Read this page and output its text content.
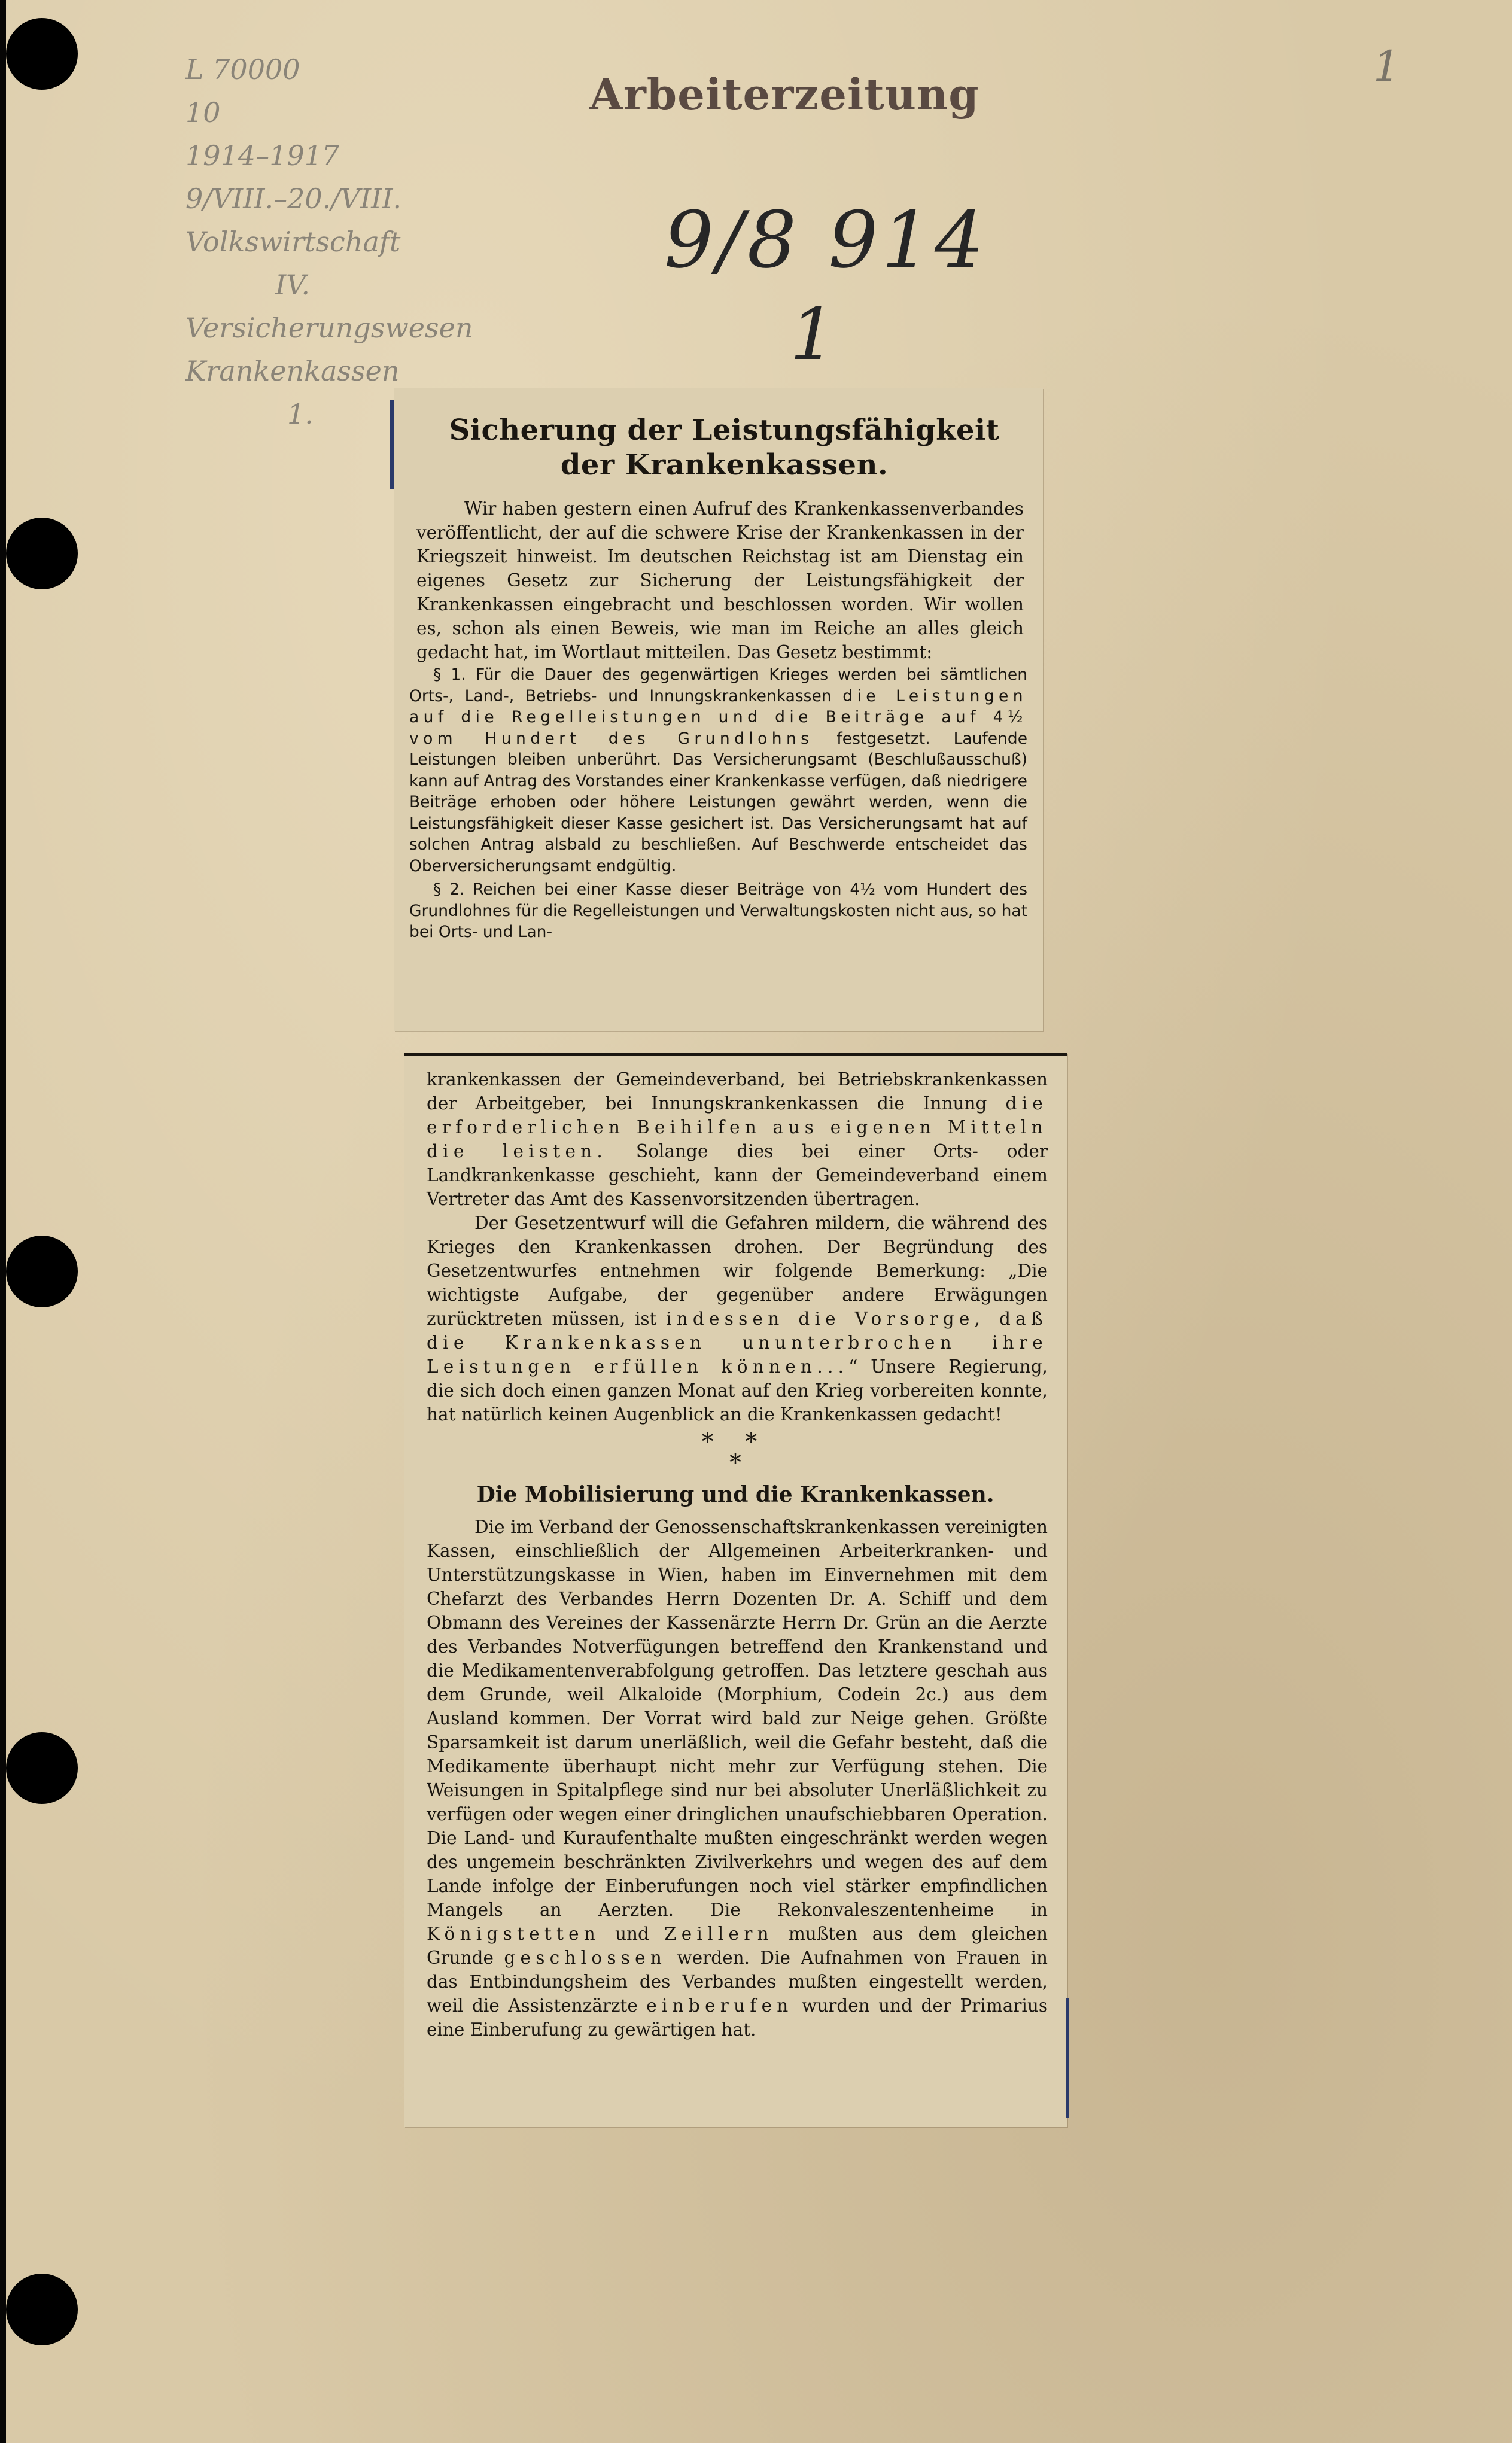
Arbeiterzeitung
L 70000
10
1914–1917
9/VIII.–20./VIII.
Volkswirtschaft
IV.
Versicherungswesen
Krankenkassen
1.
9/8 914
1
1
Sicherung der Leistungsfähigkeit der Krankenkassen.

Wir haben gestern einen Aufruf des Krankenkassenverbandes veröffentlicht, der auf die schwere Krise der Krankenkassen in der Kriegszeit hinweist. Im deutschen Reichstag ist am Dienstag ein eigenes Gesetz zur Sicherung der Leistungsfähigkeit der Krankenkassen eingebracht und beschlossen worden. Wir wollen es, schon als einen Beweis, wie man im Reiche an alles gleich gedacht hat, im Wortlaut mitteilen. Das Gesetz bestimmt:

§ 1. Für die Dauer des gegenwärtigen Krieges werden bei sämtlichen Orts-, Land-, Betriebs- und Innungskrankenkassen die Leistungen auf die Regelleistungen und die Beiträge auf 4½ vom Hundert des Grundlohns festgesetzt. Laufende Leistungen bleiben unberührt. Das Versicherungsamt (Beschlußausschuß) kann auf Antrag des Vorstandes einer Krankenkasse verfügen, daß niedrigere Beiträge erhoben oder höhere Leistungen gewährt werden, wenn die Leistungsfähigkeit dieser Kasse gesichert ist. Das Versicherungsamt hat auf solchen Antrag alsbald zu beschließen. Auf Beschwerde entscheidet das Oberversicherungsamt endgültig.

§ 2. Reichen bei einer Kasse dieser Beiträge von 4½ vom Hundert des Grundlohnes für die Regelleistungen und Verwaltungskosten nicht aus, so hat bei Orts- und Lan-

krankenkassen der Gemeindeverband, bei Betriebskrankenkassen der Arbeitgeber, bei Innungskrankenkassen die Innung die erforderlichen Beihilfen aus eigenen Mitteln die leisten. Solange dies bei einer Orts- oder Landkrankenkasse geschieht, kann der Gemeindeverband einem Vertreter das Amt des Kassenvorsitzenden übertragen.

Der Gesetzentwurf will die Gefahren mildern, die während des Krieges den Krankenkassen drohen. Der Begründung des Gesetzentwurfes entnehmen wir folgende Bemerkung: „Die wichtigste Aufgabe, der gegenüber andere Erwägungen zurücktreten müssen, ist indessen die Vorsorge, daß die Krankenkassen ununterbrochen ihre Leistungen erfüllen können...“ Unsere Regierung, die sich doch einen ganzen Monat auf den Krieg vorbereiten konnte, hat natürlich keinen Augenblick an die Krankenkassen gedacht!

* *
*
Die Mobilisierung und die Krankenkassen.

Die im Verband der Genossenschaftskrankenkassen vereinigten Kassen, einschließlich der Allgemeinen Arbeiterkranken- und Unterstützungskasse in Wien, haben im Einvernehmen mit dem Chefarzt des Verbandes Herrn Dozenten Dr. A. Schiff und dem Obmann des Vereines der Kassenärzte Herrn Dr. Grün an die Aerzte des Verbandes Notverfügungen betreffend den Krankenstand und die Medikamentenverabfolgung getroffen. Das letztere geschah aus dem Grunde, weil Alkaloide (Morphium, Codein 2c.) aus dem Ausland kommen. Der Vorrat wird bald zur Neige gehen. Größte Sparsamkeit ist darum unerläßlich, weil die Gefahr besteht, daß die Medikamente überhaupt nicht mehr zur Verfügung stehen. Die Weisungen in Spitalpflege sind nur bei absoluter Unerläßlichkeit zu verfügen oder wegen einer dringlichen unaufschiebbaren Operation. Die Land- und Kuraufenthalte mußten eingeschränkt werden wegen des ungemein beschränkten Zivilverkehrs und wegen des auf dem Lande infolge der Einberufungen noch viel stärker empfindlichen Mangels an Aerzten. Die Rekonvaleszentenheime in Königstetten und Zeillern mußten aus dem gleichen Grunde geschlossen werden. Die Aufnahmen von Frauen in das Entbindungsheim des Verbandes mußten eingestellt werden, weil die Assistenzärzte einberufen wurden und der Primarius eine Einberufung zu gewärtigen hat.
